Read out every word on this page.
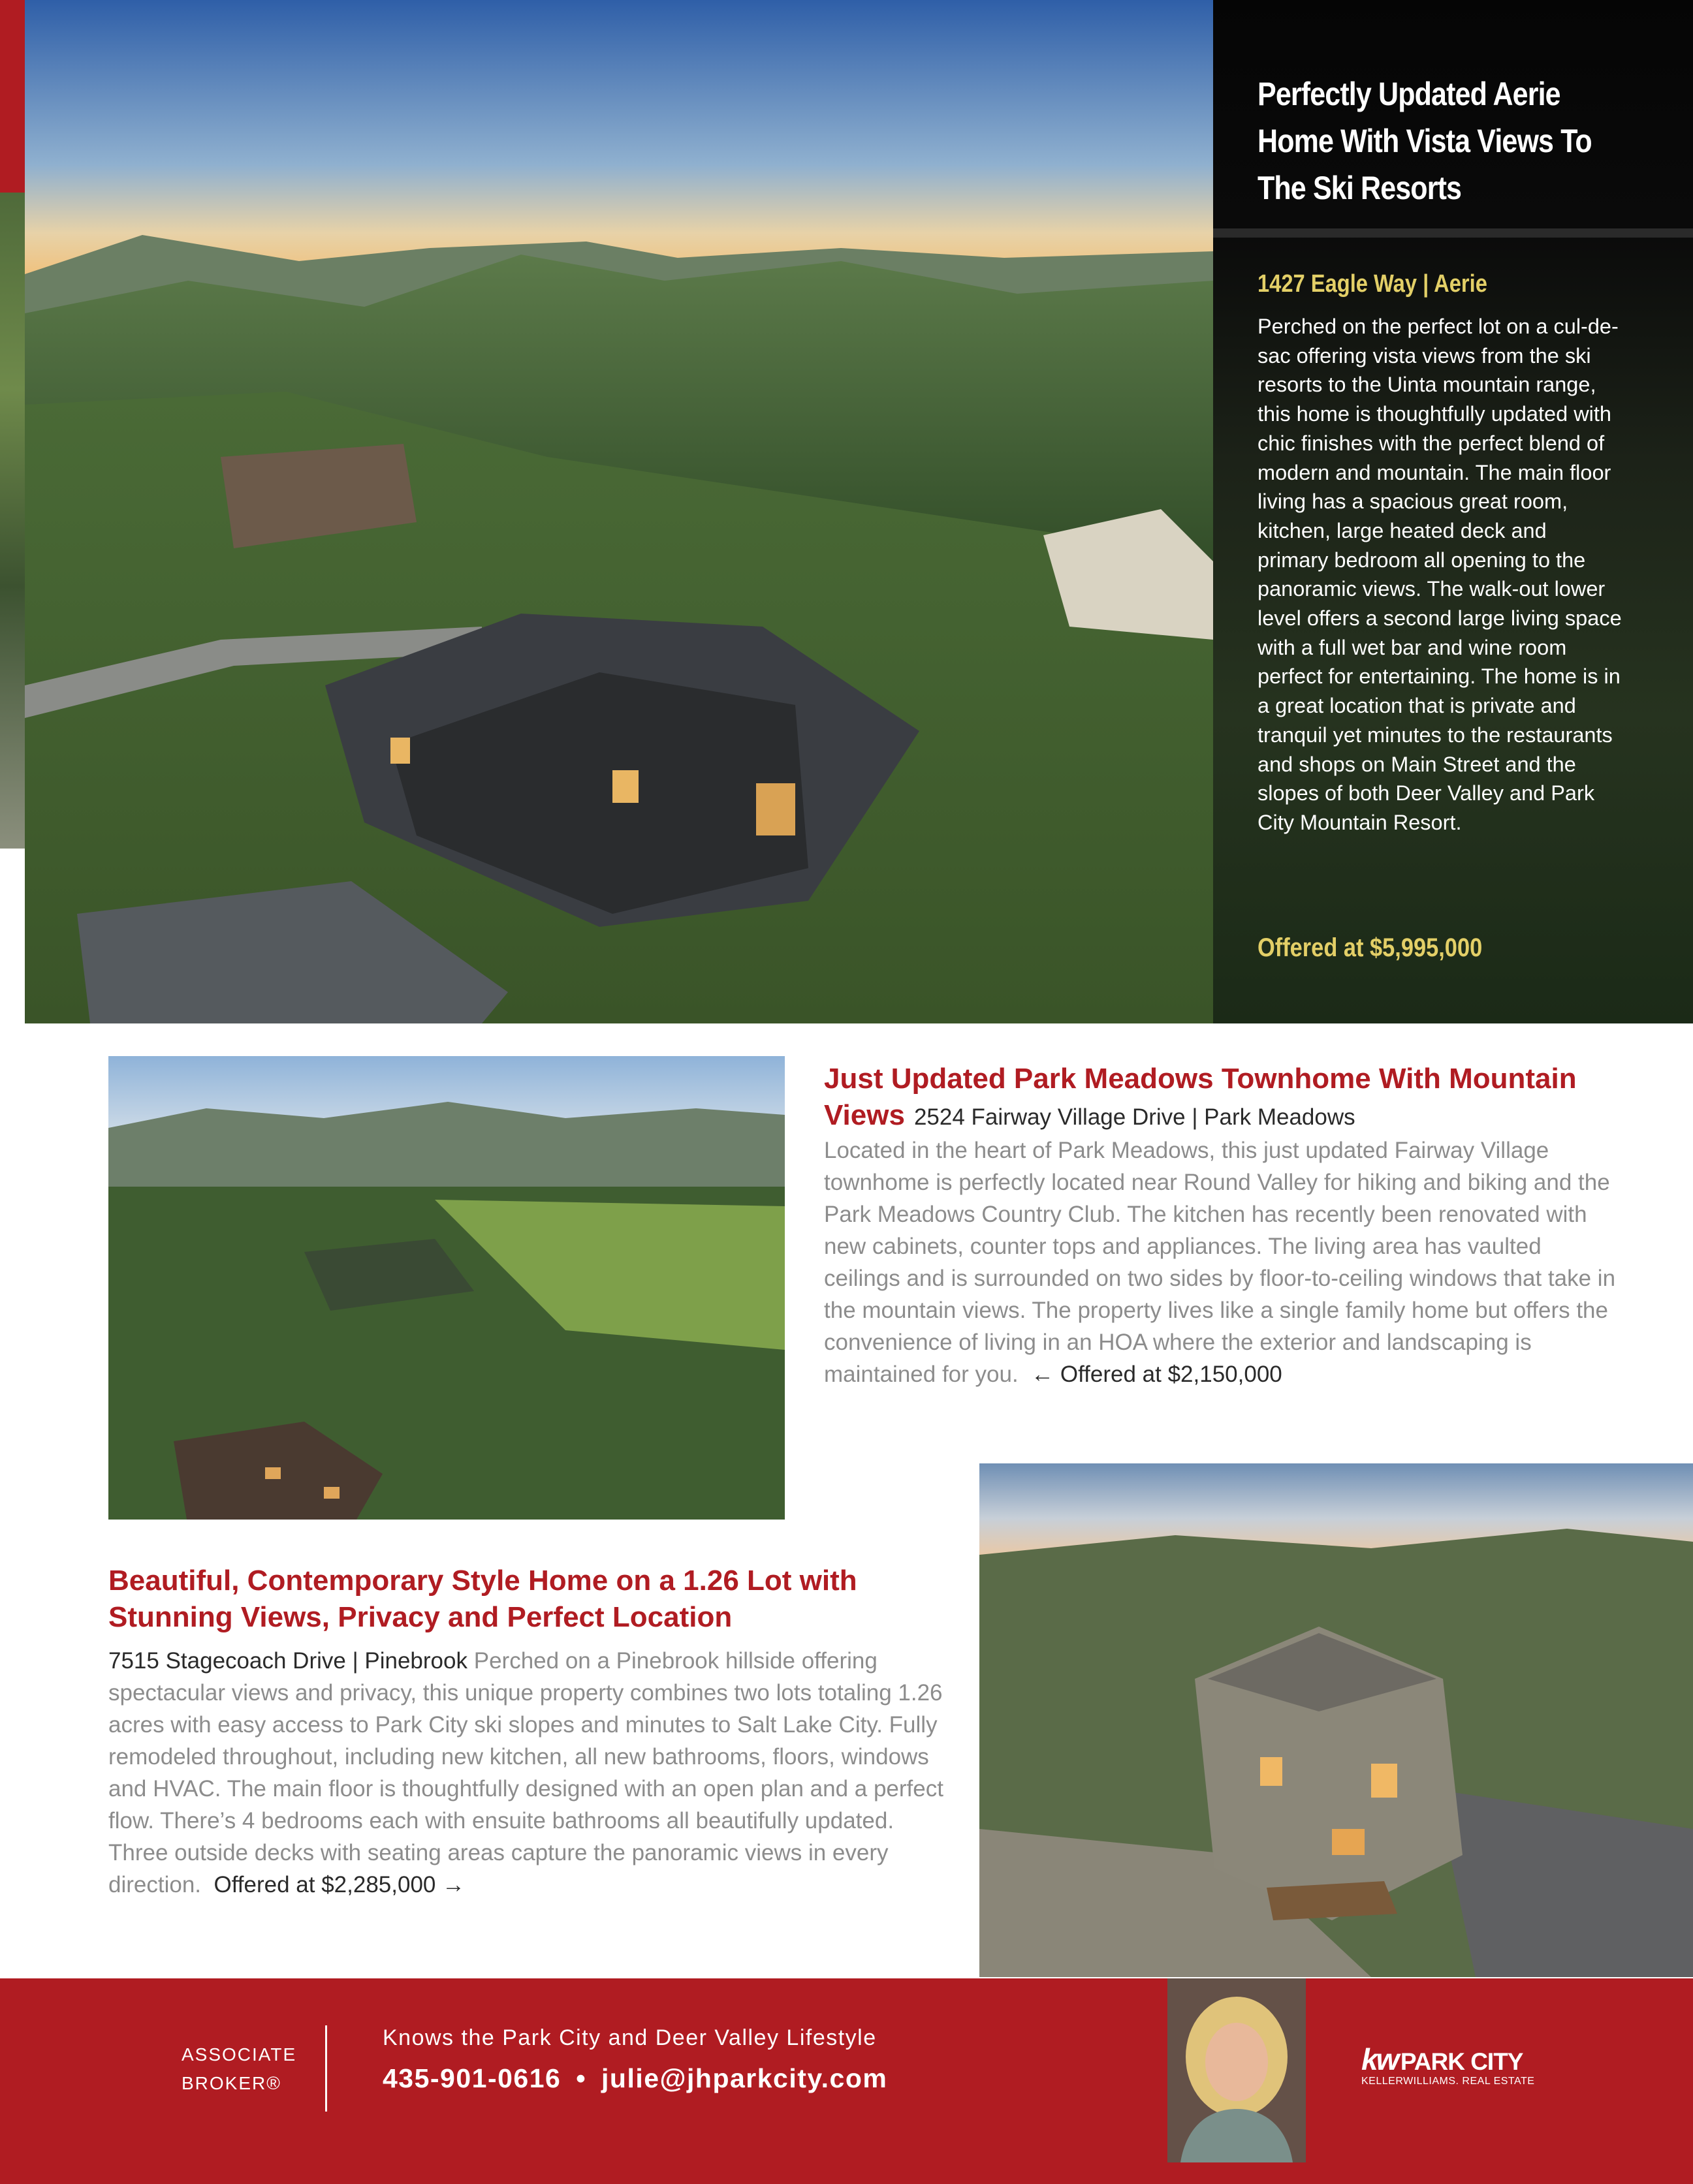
Perfectly Updated Aerie Home With Vista Views To The Ski Resorts
1427 Eagle Way | Aerie
Perched on the perfect lot on a cul-de-sac offering vista views from the ski resorts to the Uinta mountain range, this home is thoughtfully updated with chic finishes with the perfect blend of modern and mountain. The main floor living has a spacious great room, kitchen, large heated deck and primary bedroom all opening to the panoramic views. The walk-out lower level offers a second large living space with a full wet bar and wine room perfect for entertaining. The home is in a great location that is private and tranquil yet minutes to the restaurants and shops on Main Street and the slopes of both Deer Valley and Park City Mountain Resort.
Offered at $5,995,000
Just Updated Park Meadows Townhome With Mountain Views 2524 Fairway Village Drive | Park Meadows
Located in the heart of Park Meadows, this just updated Fairway Village townhome is perfectly located near Round Valley for hiking and biking and the Park Meadows Country Club. The kitchen has recently been renovated with new cabinets, counter tops and appliances. The living area has vaulted ceilings and is surrounded on two sides by floor-to-ceiling windows that take in the mountain views. The property lives like a single family home but offers the convenience of living in an HOA where the exterior and landscaping is maintained for you. ← Offered at $2,150,000
Beautiful, Contemporary Style Home on a 1.26 Lot with Stunning Views, Privacy and Perfect Location
7515 Stagecoach Drive | Pinebrook Perched on a Pinebrook hillside offering spectacular views and privacy, this unique property combines two lots totaling 1.26 acres with easy access to Park City ski slopes and minutes to Salt Lake City. Fully remodeled throughout, including new kitchen, all new bathrooms, floors, windows and HVAC. The main floor is thoughtfully designed with an open plan and a perfect flow. There’s 4 bedrooms each with ensuite bathrooms all beautifully updated. Three outside decks with seating areas capture the panoramic views in every direction. Offered at $2,285,000 →
ASSOCIATE
BROKER®
Knows the Park City and Deer Valley Lifestyle
435-901-0616 • julie@jhparkcity.com
kw PARK CITY
KELLERWILLIAMS. REAL ESTATE
